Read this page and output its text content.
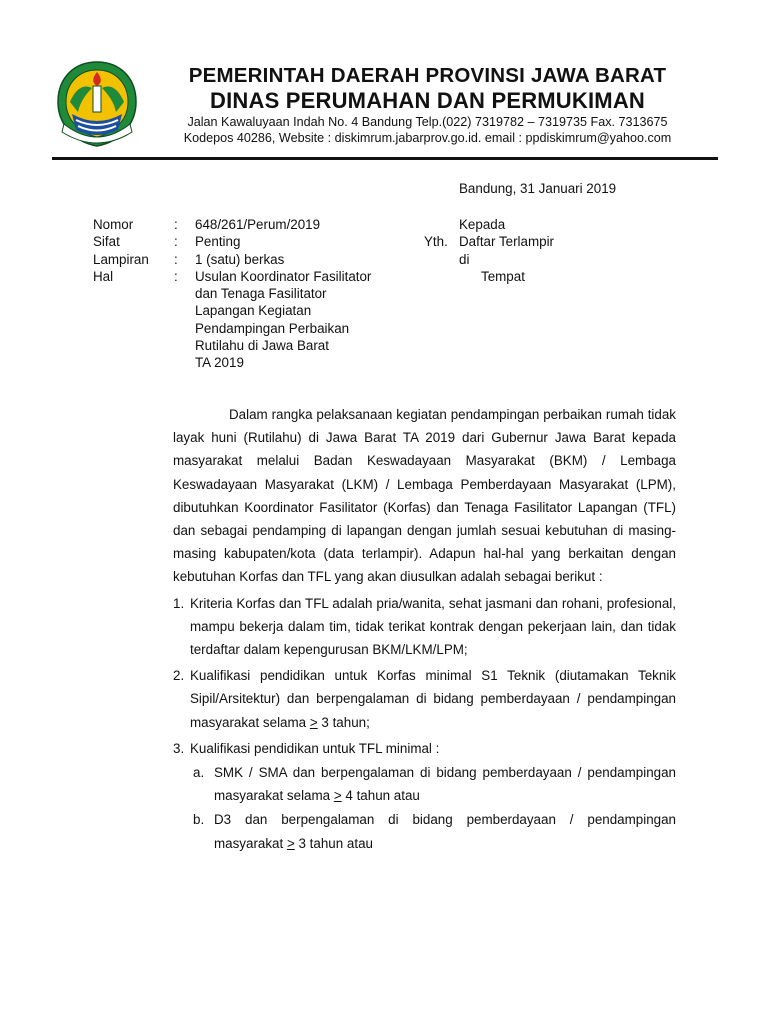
PEMERINTAH DAERAH PROVINSI JAWA BARAT
DINAS PERUMAHAN DAN PERMUKIMAN
Jalan Kawaluyaan Indah No. 4 Bandung Telp.(022) 7319782 – 7319735 Fax. 7313675
Kodepos 40286, Website : diskimrum.jabarprov.go.id. email : ppdiskimrum@yahoo.com
Bandung, 31 Januari 2019
Nomor	: 648/261/Perum/2019
Sifat	: Penting
Lampiran : 1 (satu) berkas
Hal	: Usulan Koordinator Fasilitator
dan Tenaga Fasilitator
Lapangan Kegiatan
Pendampingan Perbaikan
Rutilahu di Jawa Barat
TA 2019
Kepada
Yth. Daftar Terlampir
di
Tempat

Dalam rangka pelaksanaan kegiatan pendampingan perbaikan rumah tidak layak huni (Rutilahu) di Jawa Barat TA 2019 dari Gubernur Jawa Barat kepada masyarakat melalui Badan Keswadayaan Masyarakat (BKM) / Lembaga Keswadayaan Masyarakat (LKM) / Lembaga Pemberdayaan Masyarakat (LPM), dibutuhkan Koordinator Fasilitator (Korfas) dan Tenaga Fasilitator Lapangan (TFL) dan sebagai pendamping di lapangan dengan jumlah sesuai kebutuhan di masing-masing kabupaten/kota (data terlampir). Adapun hal-hal yang berkaitan dengan kebutuhan Korfas dan TFL yang akan diusulkan adalah sebagai berikut :

1. Kriteria Korfas dan TFL adalah pria/wanita, sehat jasmani dan rohani, profesional, mampu bekerja dalam tim, tidak terikat kontrak dengan pekerjaan lain, dan tidak terdaftar dalam kepengurusan BKM/LKM/LPM;
2. Kualifikasi pendidikan untuk Korfas minimal S1 Teknik (diutamakan Teknik Sipil/Arsitektur) dan berpengalaman di bidang pemberdayaan / pendampingan masyarakat selama ≥ 3 tahun;
3. Kualifikasi pendidikan untuk TFL minimal :
a. SMK / SMA dan berpengalaman di bidang pemberdayaan / pendampingan masyarakat selama ≥ 4 tahun atau
b. D3 dan berpengalaman di bidang pemberdayaan / pendampingan masyarakat ≥ 3 tahun atau
